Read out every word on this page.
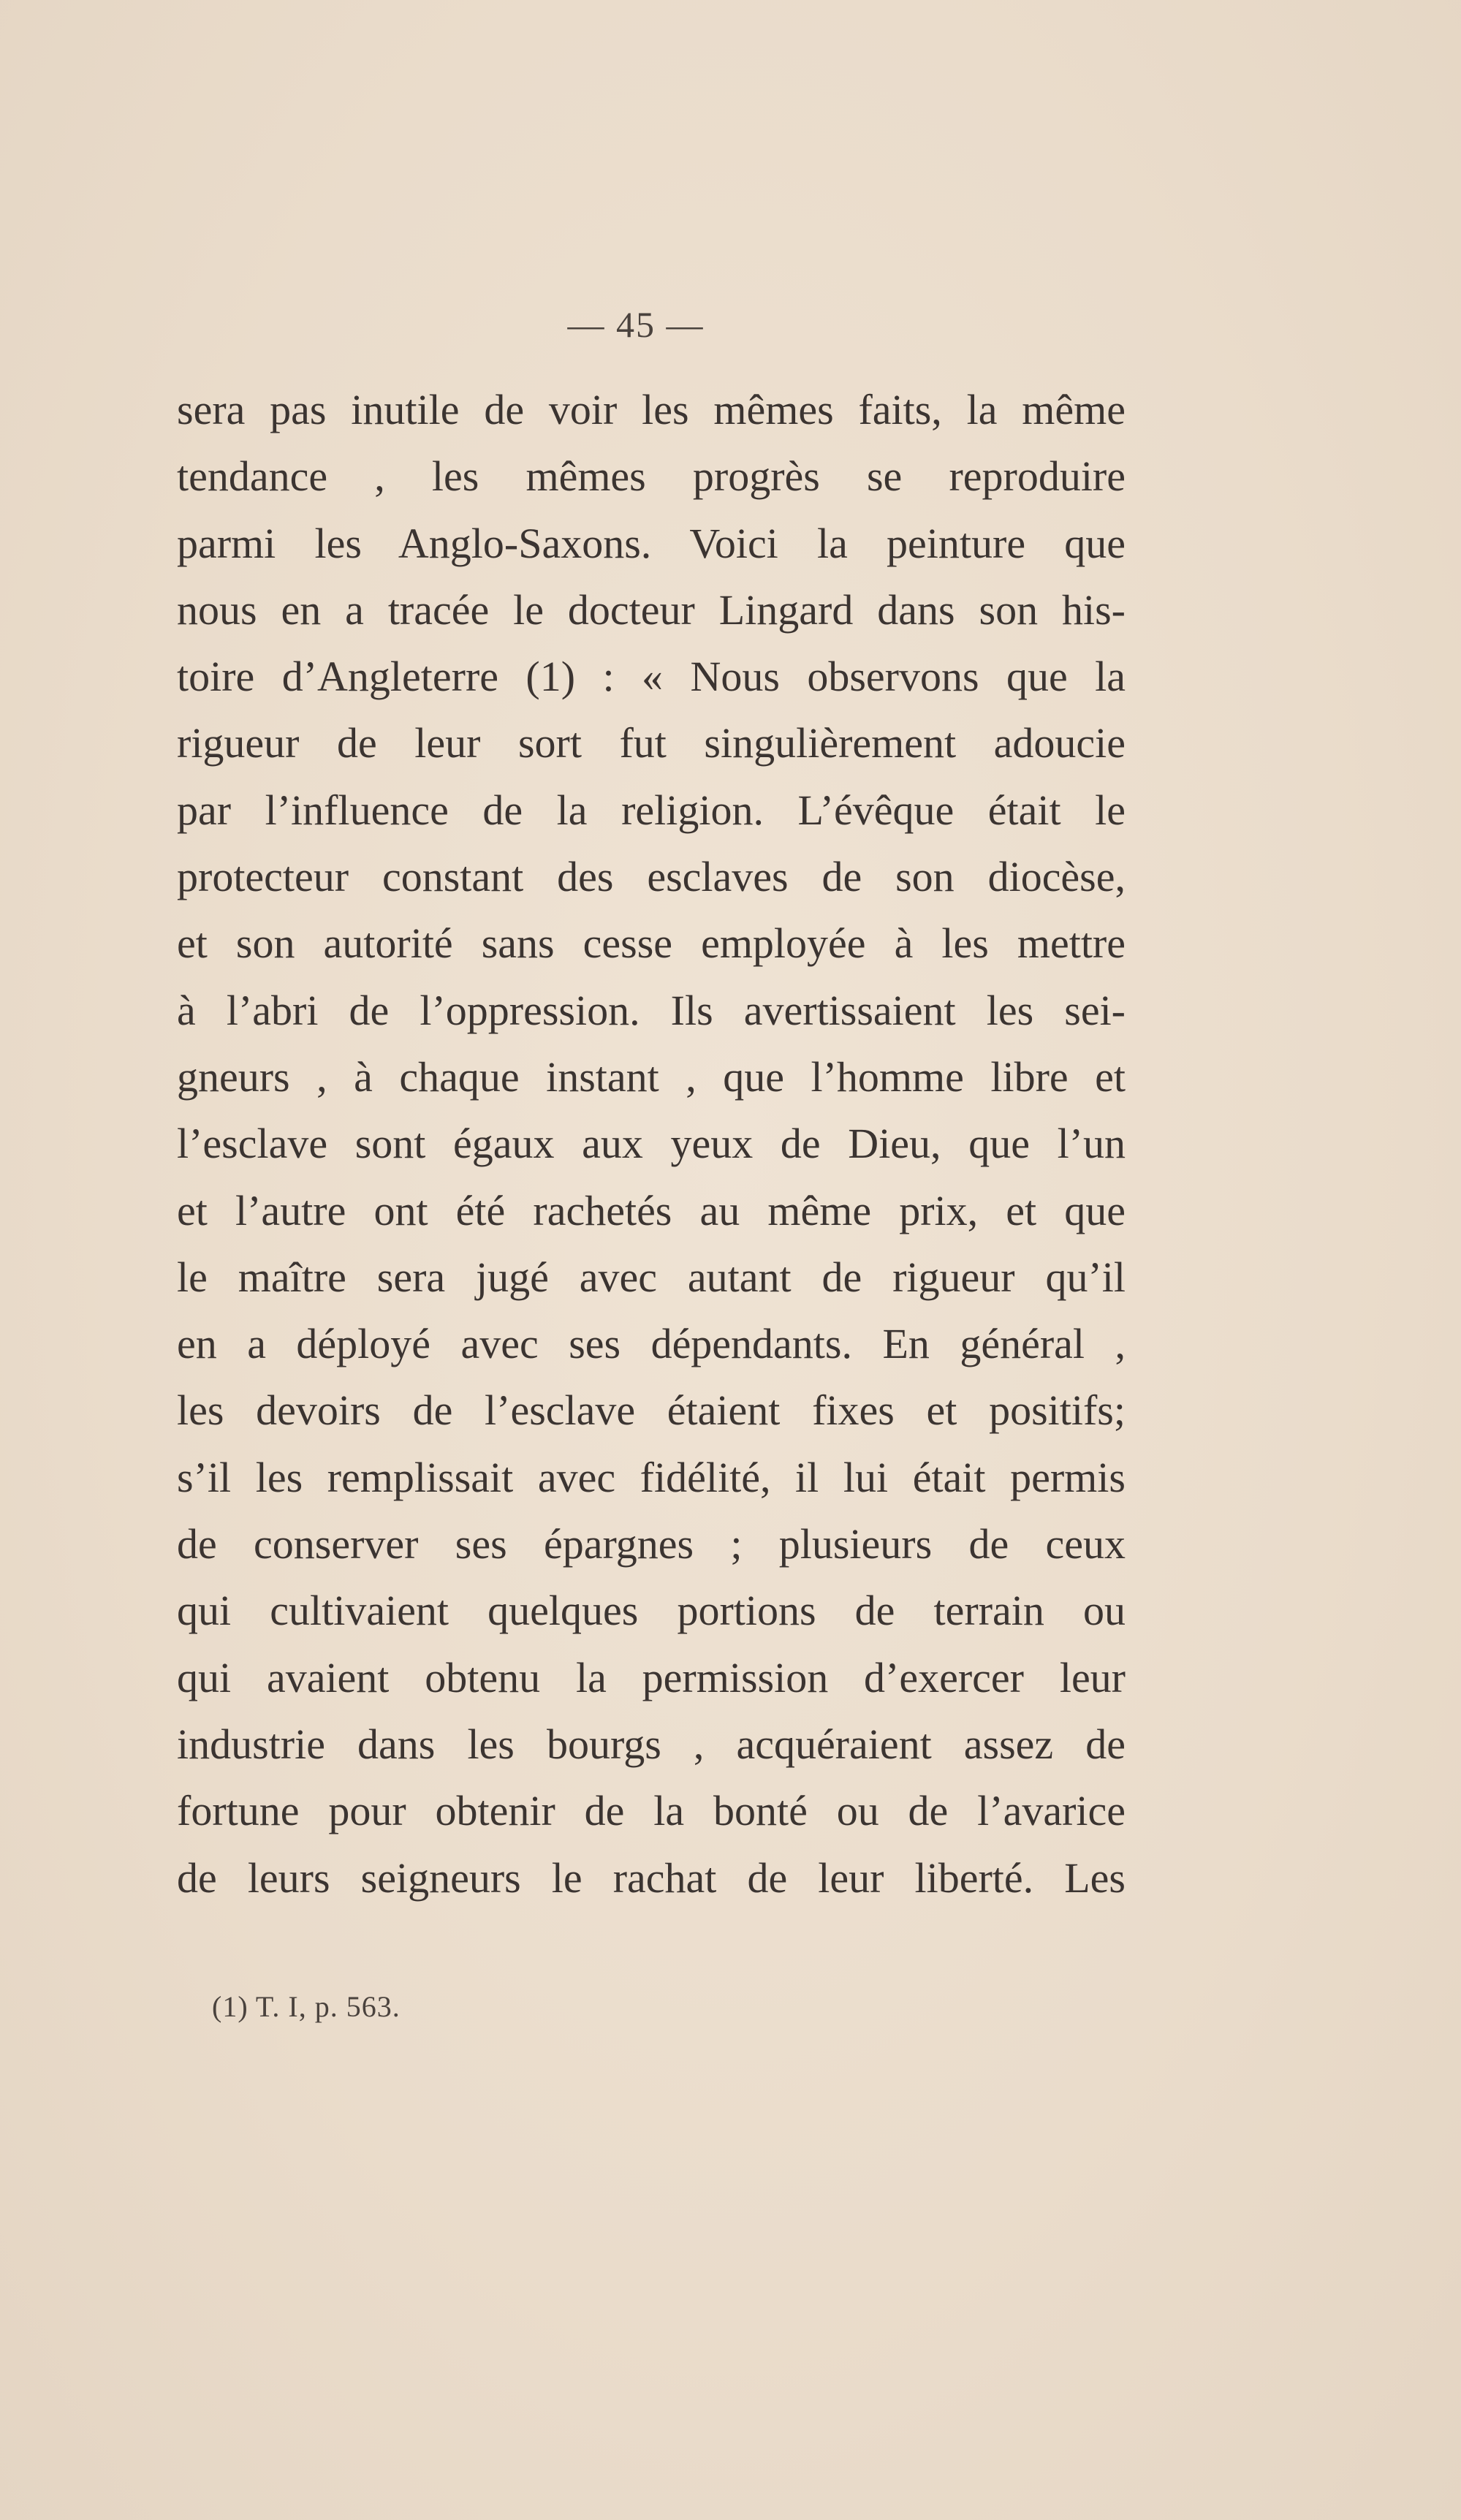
— 45 —
sera pas inutile de voir les mêmes faits, la même
tendance , les mêmes progrès se reproduire
parmi les Anglo-Saxons. Voici la peinture que
nous en a tracée le docteur Lingard dans son his-
toire d’Angleterre (1) : « Nous observons que la
rigueur de leur sort fut singulièrement adoucie
par l’influence de la religion. L’évêque était le
protecteur constant des esclaves de son diocèse,
et son autorité sans cesse employée à les mettre
à l’abri de l’oppression. Ils avertissaient les sei-
gneurs , à chaque instant , que l’homme libre et
l’esclave sont égaux aux yeux de Dieu, que l’un
et l’autre ont été rachetés au même prix, et que
le maître sera jugé avec autant de rigueur qu’il
en a déployé avec ses dépendants. En général ,
les devoirs de l’esclave étaient fixes et positifs;
s’il les remplissait avec fidélité, il lui était permis
de conserver ses épargnes ; plusieurs de ceux
qui cultivaient quelques portions de terrain ou
qui avaient obtenu la permission d’exercer leur
industrie dans les bourgs , acquéraient assez de
fortune pour obtenir de la bonté ou de l’avarice
de leurs seigneurs le rachat de leur liberté. Les
(1) T. I, p. 563.
